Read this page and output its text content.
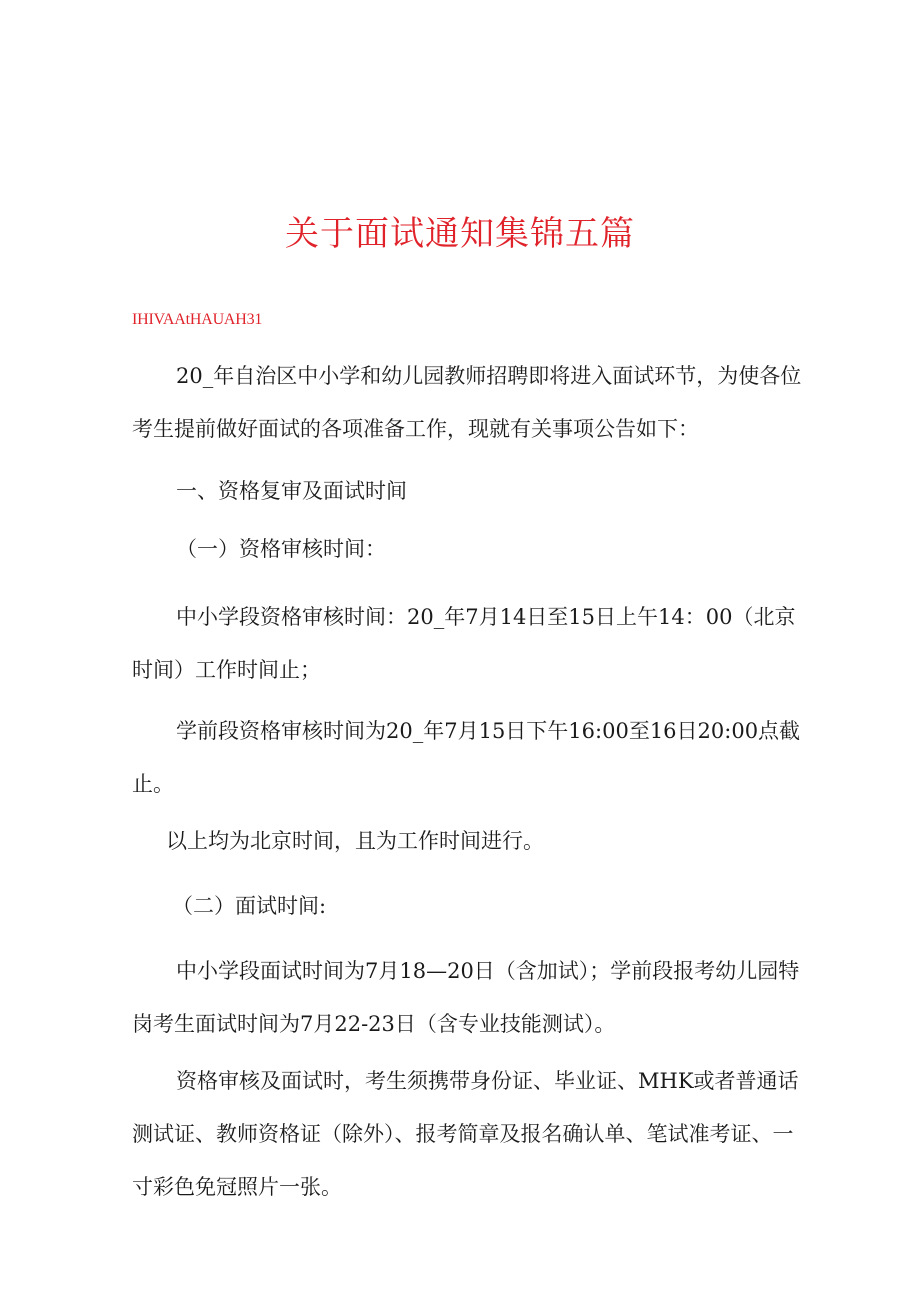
关于面试通知集锦五篇
IHIVAAtHAUAH31

20_年自治区中小学和幼儿园教师招聘即将进入面试环节，为使各位考生提前做好面试的各项准备工作，现就有关事项公告如下：

一、资格复审及面试时间

（一）资格审核时间：

中小学段资格审核时间：20_年7月14日至15日上午14：00（北京时间）工作时间止；

学前段资格审核时间为20_年7月15日下午16:00至16日20:00点截止。

以上均为北京时间，且为工作时间进行。

（二）面试时间:

中小学段面试时间为7月18—20日（含加试）；学前段报考幼儿园特岗考生面试时间为7月22-23日（含专业技能测试）。

资格审核及面试时，考生须携带身份证、毕业证、MHK或者普通话测试证、教师资格证（除外）、报考简章及报名确认单、笔试准考证、一寸彩色免冠照片一张。
